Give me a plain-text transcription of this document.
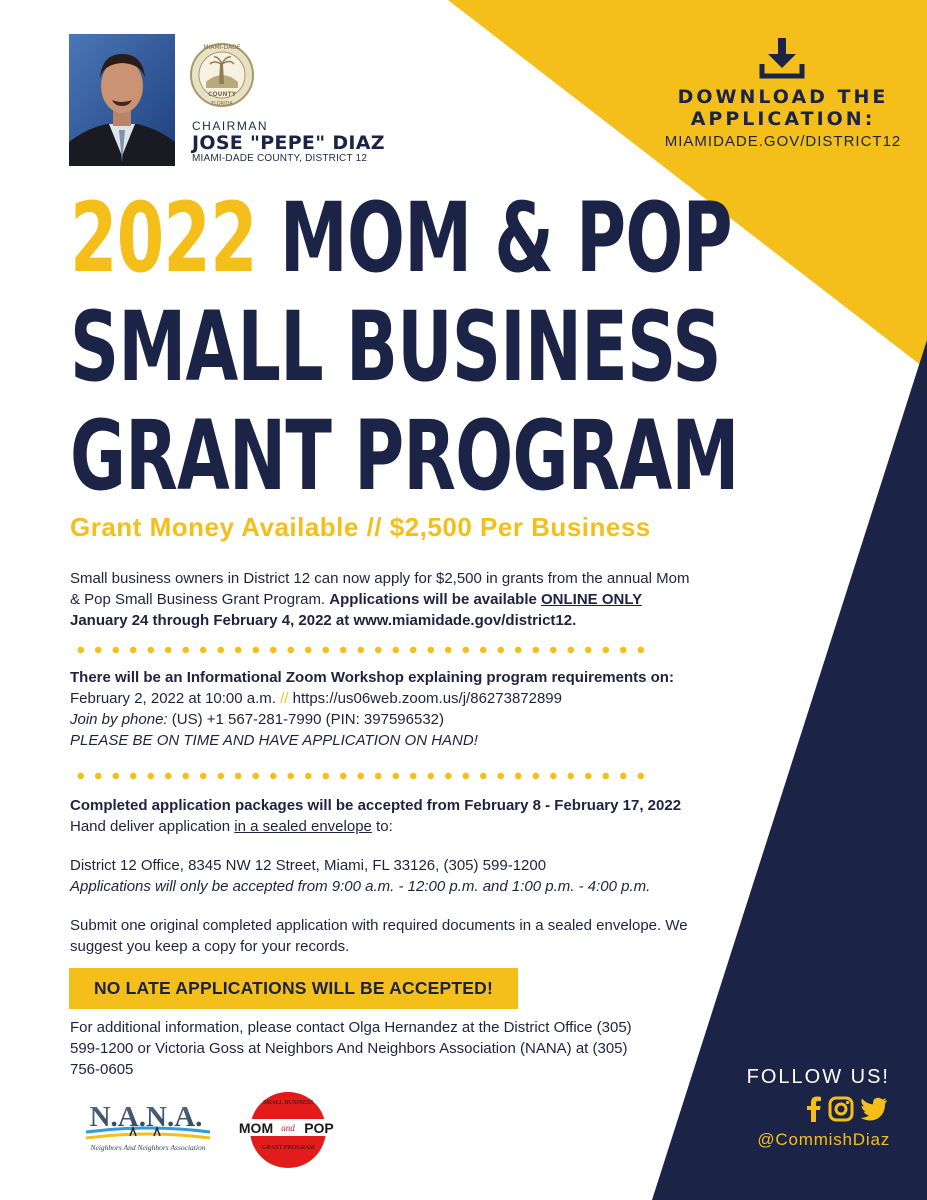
MIAMI-DADE
COUNTY
FLORIDA
CHAIRMAN
JOSE "PEPE" DIAZ
MIAMI-DADE COUNTY, DISTRICT 12
DOWNLOAD THE APPLICATION:
MIAMIDADE.GOV/DISTRICT12
2022 MOM & POP
SMALL BUSINESS
GRANT PROGRAM
Grant Money Available // $2,500 Per Business
Small business owners in District 12 can now apply for $2,500 in grants from the annual Mom & Pop Small Business Grant Program. Applications will be available ONLINE ONLY January 24 through February 4, 2022 at www.miamidade.gov/district12.
There will be an Informational Zoom Workshop explaining program requirements on:
February 2, 2022 at 10:00 a.m. // https://us06web.zoom.us/j/86273872899
Join by phone: (US) +1 567-281-7990 (PIN: 397596532)
PLEASE BE ON TIME AND HAVE APPLICATION ON HAND!
Completed application packages will be accepted from February 8 - February 17, 2022
Hand deliver application in a sealed envelope to:
District 12 Office, 8345 NW 12 Street, Miami, FL 33126, (305) 599-1200
Applications will only be accepted from 9:00 a.m. - 12:00 p.m. and 1:00 p.m. - 4:00 p.m.
Submit one original completed application with required documents in a sealed envelope. We suggest you keep a copy for your records.
NO LATE APPLICATIONS WILL BE ACCEPTED!
For additional information, please contact Olga Hernandez at the District Office (305) 599-1200 or Victoria Goss at Neighbors And Neighbors Association (NANA) at (305) 756-0605
N.A.N.A.
Neighbors And Neighbors Association
SMALL BUSINESS
MOM and POP
GRANT PROGRAM
FOLLOW US!
@CommishDiaz
